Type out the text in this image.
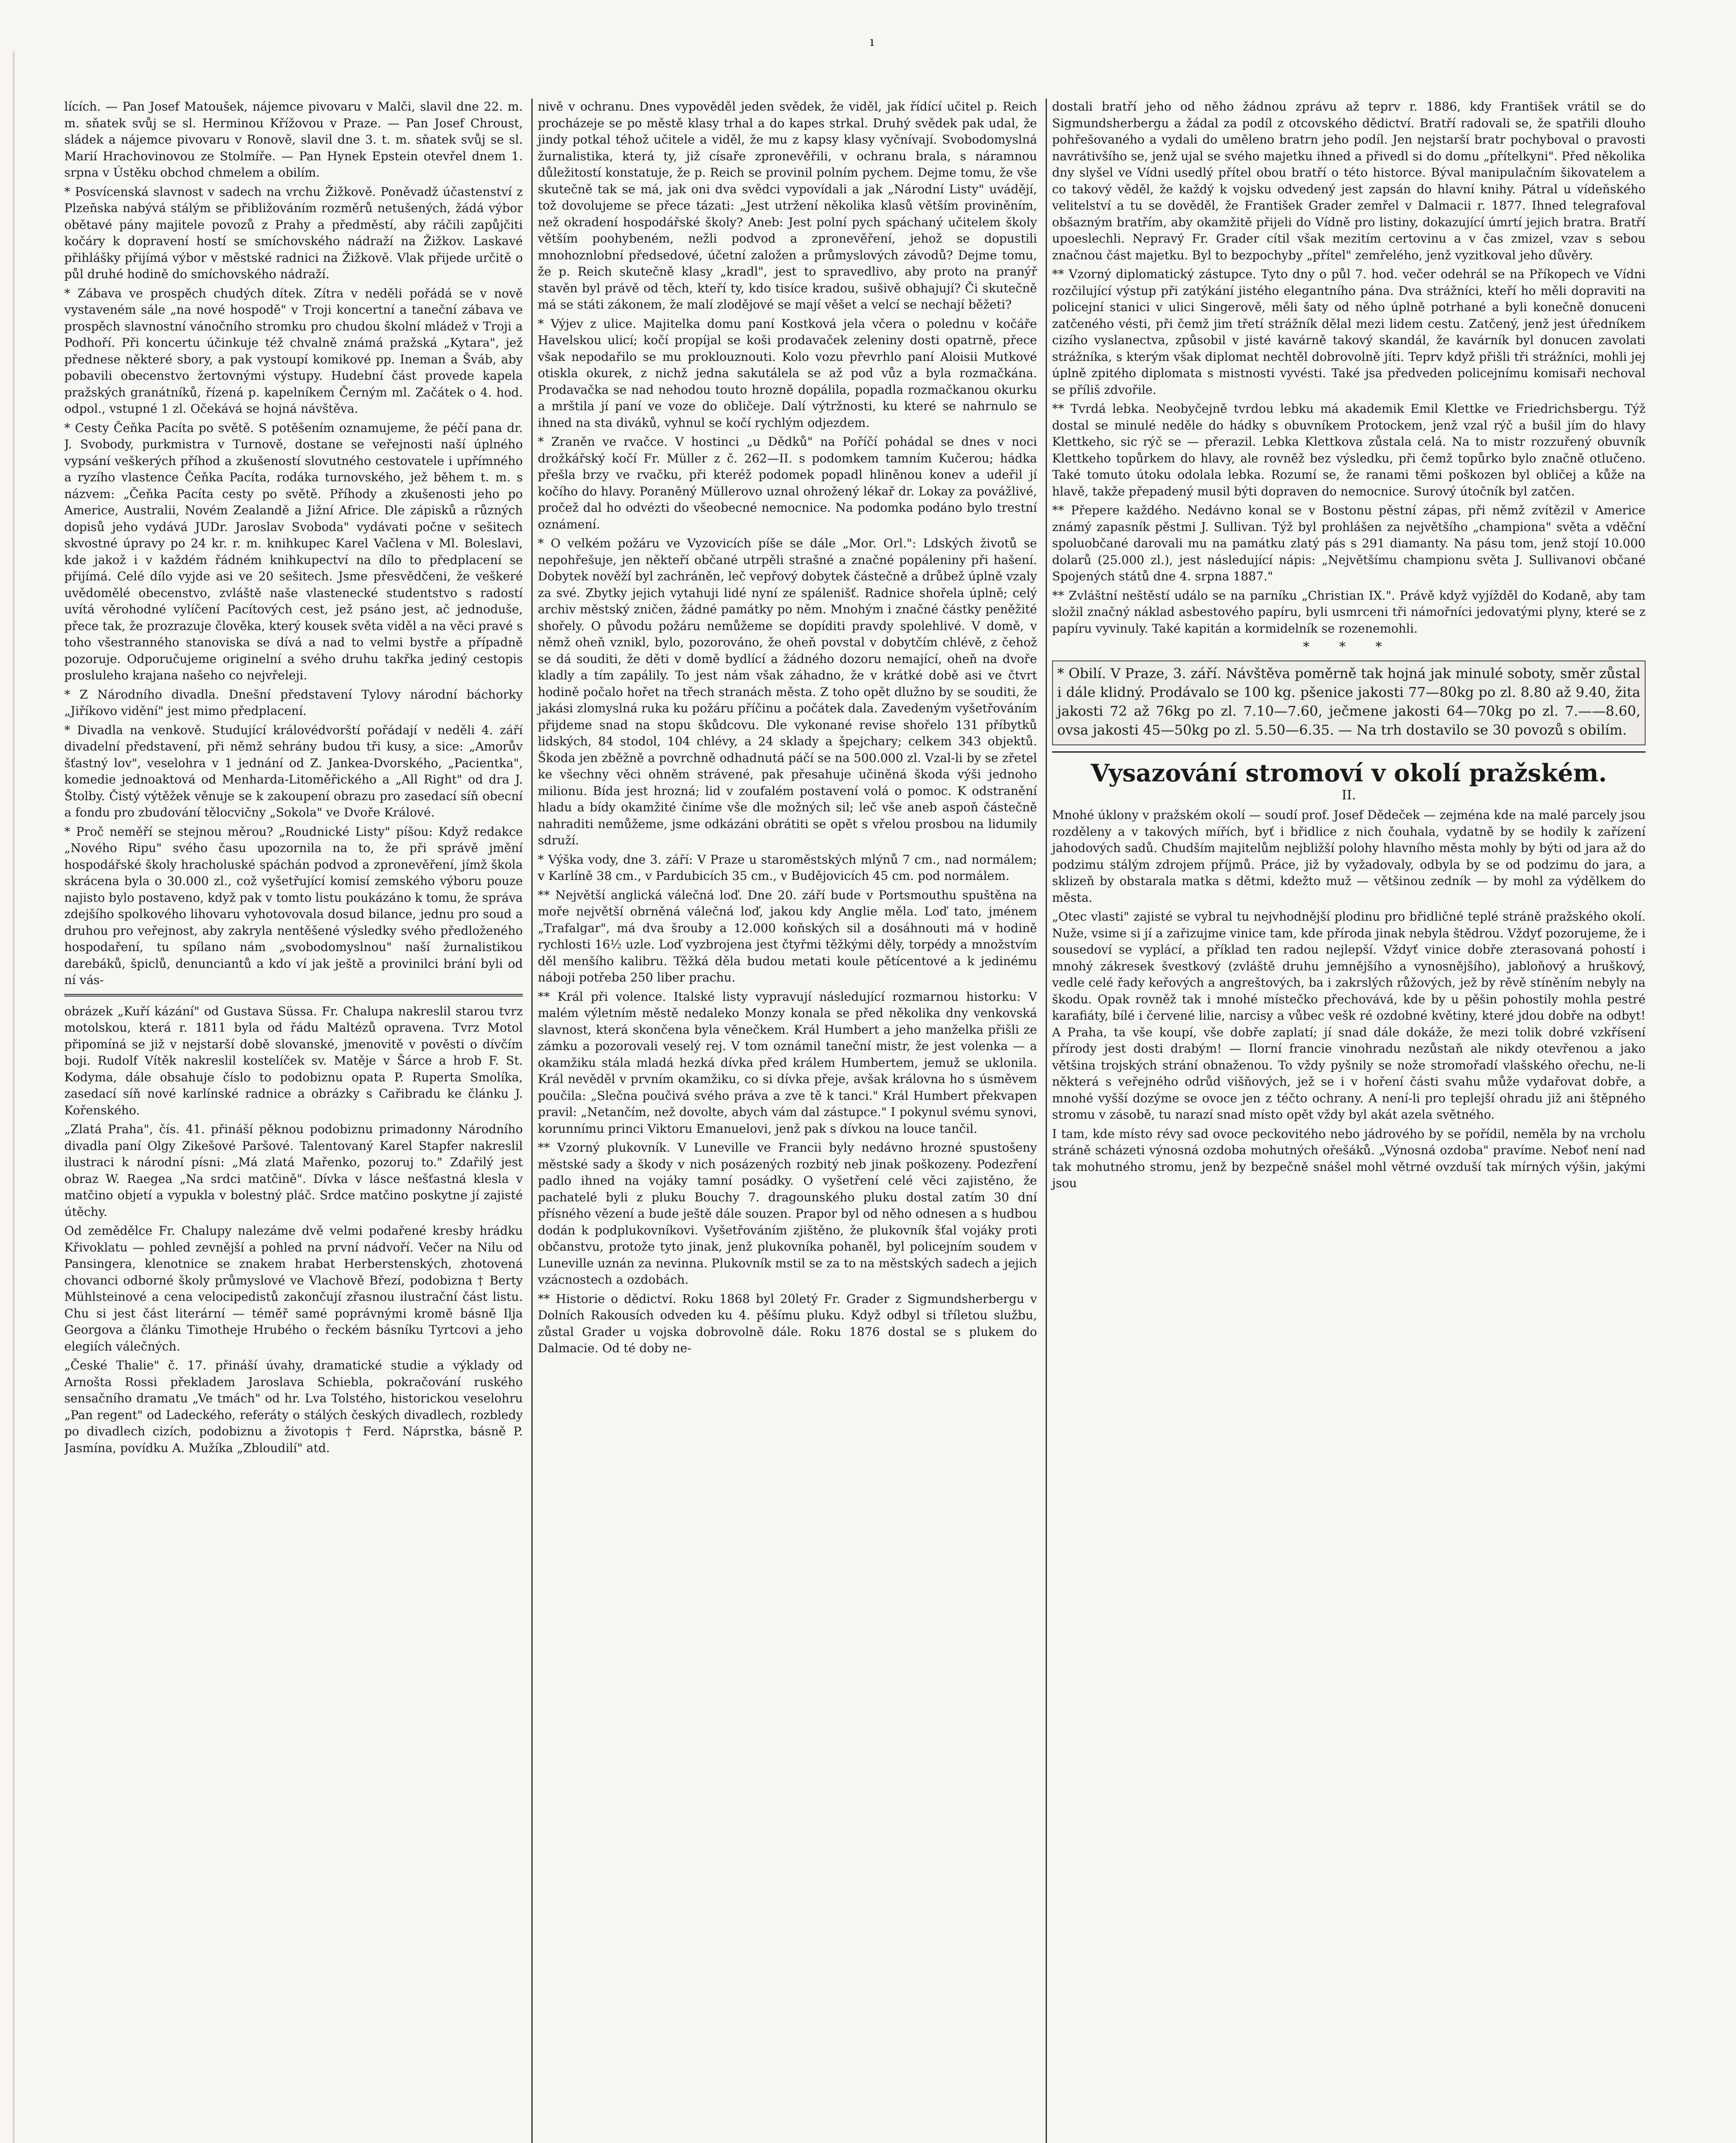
ı

lících. — Pan Josef Matoušek, nájemce pivovaru v Malči, slavil dne 22. m. m. sňatek svůj se sl. Herminou Křížovou v Praze. — Pan Josef Chroust, sládek a nájemce pivovaru v Ronově, slavil dne 3. t. m. sňatek svůj se sl. Marií Hrachovinovou ze Stolmíře. — Pan Hynek Epstein otevřel dnem 1. srpna v Ústěku obchod chmelem a obilím.

* Posvícenská slavnost v sadech na vrchu Žižkově. Poněvadž účastenství z Plzeňska nabývá stálým se přibližováním rozměrů netušených, žádá výbor obětavé pány majitele povozů z Prahy a předměstí, aby ráčili zapůjčiti kočáry k dopravení hostí se smíchovského nádraží na Žižkov. Laskavé přihlášky přijímá výbor v městské radnici na Žižkově. Vlak přijede určitě o půl druhé hodině do smíchovského nádraží.

* Zábava ve prospěch chudých dítek. Zítra v neděli pořádá se v nově vystaveném sále „na nové hospodě" v Troji koncertní a taneční zábava ve prospěch slavnostní vánočního stromku pro chudou školní mládež v Troji a Podhoří. Při koncertu účinkuje též chvalně známá pražská „Kytara", jež přednese některé sbory, a pak vystoupí komikové pp. Ineman a Šváb, aby pobavili obecenstvo žertovnými výstupy. Hudební část provede kapela pražských granátníků, řízená p. kapelníkem Černým ml. Začátek o 4. hod. odpol., vstupné 1 zl. Očekává se hojná návštěva.

* Cesty Čeňka Pacíta po světě. S potěšením oznamujeme, že péčí pana dr. J. Svobody, purkmistra v Turnově, dostane se veřejnosti naší úplného vypsání veškerých příhod a zkušeností slovutného cestovatele i upřímného a ryzího vlastence Čeňka Pacíta, rodáka turnovského, jež během t. m. s názvem: „Čeňka Pacíta cesty po světě. Příhody a zkušenosti jeho po Americe, Australii, Novém Zealandě a Jižní Africe. Dle zápisků a různých dopisů jeho vydává JUDr. Jaroslav Svoboda" vydávati počne v sešitech skvostné úpravy po 24 kr. r. m. knihkupec Karel Vačlena v Ml. Boleslavi, kde jakož i v každém řádném knihkupectví na dílo to předplacení se přijímá. Celé dílo vyjde asi ve 20 sešitech. Jsme přesvědčeni, že veškeré uvědomělé obecenstvo, zvláště naše vlastenecké studentstvo s radostí uvítá věrohodné vylíčení Pacítových cest, jež psáno jest, ač jednoduše, přece tak, že prozrazuje člověka, který kousek světa viděl a na věci pravé s toho všestranného stanoviska se dívá a nad to velmi bystře a případně pozoruje. Odporučujeme originelní a svého druhu takřka jediný cestopis prosluleho krajana našeho co nejvřeleji.

* Z Národního divadla. Dnešní představení Tylovy národní báchorky „Jiříkovo vidění" jest mimo předplacení.

* Divadla na venkově. Studující královédvorští pořádají v neděli 4. září divadelní představení, při němž sehrány budou tři kusy, a sice: „Amorův šťastný lov", veselohra v 1 jednání od Z. Jankea-Dvorského, „Pacientka", komedie jednoaktová od Menharda-Litoměřického a „All Right" od dra J. Štolby. Čistý výtěžek věnuje se k zakoupení obrazu pro zasedací síň obecní a fondu pro zbudování tělocvičny „Sokola" ve Dvoře Králové.

* Proč neměří se stejnou měrou? „Roudnické Listy" píšou: Když redakce „Nového Ripu" svého času upozornila na to, že při správě jmění hospodářské školy hracholuské spáchán podvod a zpronevěření, jímž škola skrácena byla o 30.000 zl., což vyšetřující komisí zemského výboru pouze najisto bylo postaveno, když pak v tomto listu poukázáno k tomu, že správa zdejšího spolkového lihovaru vyhotovovala dosud bilance, jednu pro soud a druhou pro veřejnost, aby zakryla nentěšené výsledky svého předloženého hospodaření, tu spílano nám „svobodomyslnou" naší žurnalistikou darebáků, špiclů, denunciantů a kdo ví jak ještě a provinilci brání byli od ní vás-

obrázek „Kuří kázání" od Gustava Süssa. Fr. Chalupa nakreslil starou tvrz motolskou, která r. 1811 byla od řádu Maltézů opravena. Tvrz Motol připomíná se již v nejstarší době slovanské, jmenovitě v pověsti o dívčím boji. Rudolf Vítěk nakreslil kostelíček sv. Matěje v Šárce a hrob F. St. Kodyma, dále obsahuje číslo to podobiznu opata P. Ruperta Smolíka, zasedací síň nové karlínské radnice a obrázky s Cařibradu ke článku J. Kořenského.

„Zlatá Praha", čís. 41. přináší pěknou podobiznu primadonny Národního divadla paní Olgy Zikešové Paršové. Talentovaný Karel Stapfer nakreslil ilustraci k národní písni: „Má zlatá Mařenko, pozoruj to." Zdařilý jest obraz W. Raegea „Na srdci matčině". Dívka v lásce nešťastná klesla v matčino objetí a vypukla v bolestný pláč. Srdce matčino poskytne jí zajisté útěchy.

Od zemědělce Fr. Chalupy nalezáme dvě velmi podařené kresby hrádku Křivoklatu — pohled zevnější a pohled na první nádvoří. Večer na Nilu od Pansingera, klenotnice se znakem hrabat Herberstenských, zhotovená chovanci odborné školy průmyslové ve Vlachově Březí, podobizna † Berty Mühlsteinové a cena velocipedistů zakončují zřasnou ilustrační část listu. Chu si jest část literární — téměř samé poprávnými kromě básně Ilja Georgova a článku Timotheje Hrubého o řeckém básníku Tyrtcovi a jeho elegiích válečných.

„České Thalie" č. 17. přináší úvahy, dramatické studie a výklady od Arnošta Rossi překladem Jaroslava Schiebla, pokračování ruského sensačního dramatu „Ve tmách" od hr. Lva Tolstého, historickou veselohru „Pan regent" od Ladeckého, referáty o stálých českých divadlech, rozbledy po divadlech cizích, podobiznu a životopis † Ferd. Náprstka, básně P. Jasmína, povídku A. Mužíka „Zbloudilí" atd.

nivě v ochranu. Dnes vypověděl jeden svědek, že viděl, jak řídící učitel p. Reich procházeje se po městě klasy trhal a do kapes strkal. Druhý svědek pak udal, že jindy potkal téhož učitele a viděl, že mu z kapsy klasy vyčnívají. Svobodomyslná žurnalistika, která ty, již císaře zpronevěřili, v ochranu brala, s náramnou důležitostí konstatuje, že p. Reich se provinil polním pychem. Dejme tomu, že vše skutečně tak se má, jak oni dva svědci vypovídali a jak „Národní Listy" uvádějí, tož dovolujeme se přece tázati: „Jest utržení několika klasů větším proviněním, než okradení hospodářské školy? Aneb: Jest polní pych spáchaný učitelem školy větším poohybeném, nežli podvod a zpronevěření, jehož se dopustili mnohoznlobní předsedové, účetní založen a průmyslových závodů? Dejme tomu, že p. Reich skutečně klasy „kradl", jest to spravedlivo, aby proto na pranýř stavěn byl právě od těch, kteří ty, kdo tisíce kradou, sušivě obhajují? Či skutečně má se státi zákonem, že malí zlodějové se mají věšet a velcí se nechají běžeti?

* Výjev z ulice. Majitelka domu paní Kostková jela včera o polednu v kočáře Havelskou ulicí; kočí propíjal se koši prodavaček zeleniny dosti opatrně, přece však nepodařilo se mu proklouznouti. Kolo vozu převrhlo paní Aloisii Mutkové otiskla okurek, z nichž jedna sakutálela se až pod vůz a byla rozmačkána. Prodavačka se nad nehodou touto hrozně dopálila, popadla rozmačkanou okurku a mrštila jí paní ve voze do obličeje. Dalí výtržnosti, ku které se nahrnulo se ihned na sta diváků, vyhnul se kočí rychlým odjezdem.

* Zraněn ve rvačce. V hostinci „u Dědků" na Poříčí pohádal se dnes v noci drožkářský kočí Fr. Müller z č. 262—II. s podomkem tamním Kučerou; hádka přešla brzy ve rvačku, při kteréž podomek popadl hliněnou konev a udeřil jí kočího do hlavy. Poraněný Müllerovo uznal ohrožený lékař dr. Lokay za povážlivé, pročež dal ho odvézti do všeobecné nemocnice. Na podomka podáno bylo trestní oznámení.

* O velkém požáru ve Vyzovicích píše se dále „Mor. Orl.": Ldských životů se nepohřešuje, jen někteří občané utrpěli strašné a značné popáleniny při hašení. Dobytek nověží byl zachráněn, leč vepřový dobytek částečně a drůbež úplně vzaly za své. Zbytky jejich vytahuji lidé nyní ze spálenišť. Radnice shořela úplně; celý archiv městský zničen, žádné památky po něm. Mnohým i značné částky peněžité shořely. O původu požáru nemůžeme se dopíditi pravdy spolehlivé. V domě, v němž oheň vznikl, bylo, pozorováno, že oheň povstal v dobytčím chlévě, z čehož se dá souditi, že děti v domě bydlící a žádného dozoru nemající, oheň na dvoře kladly a tím zapálily. To jest nám však záhadno, že v krátké době asi ve čtvrt hodině počalo hořet na třech stranách města. Z toho opět dlužno by se souditi, že jakási zlomyslná ruka ku požáru příčinu a počátek dala. Zavedeným vyšetřováním přijdeme snad na stopu škůdcovu. Dle vykonané revise shořelo 131 příbytků lidských, 84 stodol, 104 chlévy, a 24 sklady a špejchary; celkem 343 objektů. Škoda jen zběžně a povrchně odhadnutá páčí se na 500.000 zl. Vzal-li by se zřetel ke všechny věci ohněm strávené, pak přesahuje učiněná škoda výši jednoho milionu. Bída jest hrozná; lid v zoufalém postavení volá o pomoc. K odstranění hladu a bídy okamžité činíme vše dle možných sil; leč vše aneb aspoň částečně nahraditi nemůžeme, jsme odkázáni obrátiti se opět s vřelou prosbou na lidumily sdruží.

* Výška vody, dne 3. září: V Praze u staroměstských mlýnů 7 cm., nad normálem; v Karlíně 38 cm., v Pardubicích 35 cm., v Budějovicích 45 cm. pod normálem.

** Největší anglická válečná loď. Dne 20. září bude v Portsmouthu spuštěna na moře největší obrněná válečná loď, jakou kdy Anglie měla. Loď tato, jménem „Trafalgar", má dva šrouby a 12.000 koňských sil a dosáhnouti má v hodině rychlosti 16½ uzle. Loď vyzbrojena jest čtyřmi těžkými děly, torpédy a množstvím děl menšího kalibru. Těžká děla budou metati koule pětícentové a k jedinému náboji potřeba 250 liber prachu.

** Král při volence. Italské listy vypravují následující rozmarnou historku: V malém výletním městě nedaleko Monzy konala se před několika dny venkovská slavnost, která skončena byla věnečkem. Král Humbert a jeho manželka přišli ze zámku a pozorovali veselý rej. V tom oznámil taneční mistr, že jest volenka — a okamžiku stála mladá hezká dívka před králem Humbertem, jemuž se uklonila. Král nevěděl v prvním okamžiku, co si dívka přeje, avšak královna ho s úsměvem poučila: „Slečna poučivá svého práva a zve tě k tanci." Král Humbert překvapen pravil: „Netančím, než dovolte, abych vám dal zástupce." I pokynul svému synovi, korunnímu princi Viktoru Emanuelovi, jenž pak s dívkou na louce tančil.

** Vzorný plukovník. V Luneville ve Francii byly nedávno hrozné spustošeny městské sady a škody v nich posázených rozbitý neb jinak poškozeny. Podezření padlo ihned na vojáky tamní posádky. O vyšetření celé věci zajistěno, že pachatelé byli z pluku Bouchy 7. dragounského pluku dostal zatím 30 dní přísného vězení a bude ještě dále souzen. Prapor byl od něho odnesen a s hudbou dodán k podplukovníkovi. Vyšetřováním zjištěno, že plukovník šťal vojáky proti občanstvu, protože tyto jinak, jenž plukovníka pohaněl, byl policejním soudem v Luneville uznán za nevinna. Plukovník mstil se za to na městských sadech a jejich vzácnostech a ozdobách.

** Historie o dědictví. Roku 1868 byl 20letý Fr. Grader z Sigmundsherbergu v Dolních Rakousích odveden ku 4. pěšímu pluku. Když odbyl si tříletou službu, zůstal Grader u vojska dobrovolně dále. Roku 1876 dostal se s plukem do Dalmacie. Od té doby ne-

dostali bratří jeho od něho žádnou zprávu až teprv r. 1886, kdy František vrátil se do Sigmundsherbergu a žádal za podíl z otcovského dědictví. Bratří radovali se, že spatřili dlouho pohřešovaného a vydali do uměleno bratrn jeho podíl. Jen nejstarší bratr pochyboval o pravosti navrátivšího se, jenž ujal se svého majetku ihned a přivedl si do domu „přítelkyni". Před několika dny slyšel ve Vídni usedlý přítel obou bratří o této historce. Býval manipulačním šikovatelem a co takový věděl, že každý k vojsku odvedený jest zapsán do hlavní knihy. Pátral u vídeňského velitelství a tu se dověděl, že František Grader zemřel v Dalmacii r. 1877. Ihned telegrafoval obšazným bratřím, aby okamžitě přijeli do Vídně pro listiny, dokazující úmrtí jejich bratra. Bratří upoeslechli. Nepravý Fr. Grader cítil však mezitím certovinu a v čas zmizel, vzav s sebou značnou část majetku. Byl to bezpochyby „přítel" zemřelého, jenž vyzitkoval jeho důvěry.

** Vzorný diplomatický zástupce. Tyto dny o půl 7. hod. večer odehrál se na Příkopech ve Vídni rozčilující výstup při zatýkání jistého elegantního pána. Dva strážníci, kteří ho měli dopraviti na policejní stanici v ulici Singerově, měli šaty od něho úplně potrhané a byli konečně donuceni zatčeného vésti, při čemž jim třetí strážník dělal mezi lidem cestu. Zatčený, jenž jest úředníkem cizího vyslanectva, způsobil v jisté kavárně takový skandál, že kavárník byl donucen zavolati strážníka, s kterým však diplomat nechtěl dobrovolně jíti. Teprv když přišli tři strážníci, mohli jej úplně zpitého diplomata s mistnosti vyvésti. Také jsa předveden policejnímu komisaři nechoval se příliš zdvořile.

** Tvrdá lebka. Neobyčejně tvrdou lebku má akademik Emil Klettke ve Friedrichsbergu. Týž dostal se minulé neděle do hádky s obuvníkem Protockem, jenž vzal rýč a bušil jím do hlavy Klettkeho, sic rýč se — přerazil. Lebka Klettkova zůstala celá. Na to mistr rozzuřený obuvník Klettkeho topůrkem do hlavy, ale rovněž bez výsledku, při čemž topůrko bylo značně otlučeno. Také tomuto útoku odolala lebka. Rozumí se, že ranami těmi poškozen byl obličej a kůže na hlavě, takže přepadený musil býti dopraven do nemocnice. Surový útočník byl zatčen.

** Přepere každého. Nedávno konal se v Bostonu pěstní zápas, při němž zvítězil v Americe známý zapasník pěstmi J. Sullivan. Týž byl prohlášen za největšího „championa" světa a vděční spoluobčané darovali mu na památku zlatý pás s 291 diamanty. Na pásu tom, jenž stojí 10.000 dolarů (25.000 zl.), jest následující nápis: „Největšímu championu světa J. Sullivanovi občané Spojených států dne 4. srpna 1887."

** Zvláštní neštěstí událo se na parníku „Christian IX.". Právě když vyjížděl do Kodaně, aby tam složil značný náklad asbestového papíru, byli usmrceni tři námořníci jedovatými plyny, které se z papíru vyvinuly. Také kapitán a kormidelník se rozenemohli.

* * *

* Obilí. V Praze, 3. září. Návštěva poměrně tak hojná jak minulé soboty, směr zůstal i dále klidný. Prodávalo se 100 kg. pšenice jakosti 77—80kg po zl. 8.80 až 9.40, žita jakosti 72 až 76kg po zl. 7.10—7.60, ječmene jakosti 64—70kg po zl. 7.——8.60, ovsa jakosti 45—50kg po zl. 5.50—6.35. — Na trh dostavilo se 30 povozů s obilím.

Vysazování stromoví v okolí pražském.
II.

Mnohé úklony v pražském okolí — soudí prof. Josef Dědeček — zejména kde na malé parcely jsou rozděleny a v takových mířích, byť i břidlice z nich čouhala, vydatně by se hodily k zařízení jahodových sadů. Chudším majitelům nejbližší polohy hlavního města mohly by býti od jara až do podzimu stálým zdrojem příjmů. Práce, již by vyžadovaly, odbyla by se od podzimu do jara, a sklizeň by obstarala matka s dětmi, kdežto muž — většinou zedník — by mohl za výdělkem do města.

„Otec vlasti" zajisté se vybral tu nejvhodnější plodinu pro břidličné teplé stráně pražského okolí. Nuže, vsime si jí a zařizujme vinice tam, kde příroda jinak nebyla štědrou. Vždyť pozorujeme, že i sousedoví se vyplácí, a příklad ten radou nejlepší. Vždyť vinice dobře zterasovaná pohostí i mnohý zákresek švestkový (zvláště druhu jemnějšího a vynosnějšího), jabloňový a hruškový, vedle celé řady keřových a angreštových, ba i zakrslých růžových, jež by rěvě stíněním nebyly na škodu. Opak rovněž tak i mnohé místečko přechovává, kde by u pěšin pohostily mohla pestré karafiáty, bílé i červené lilie, narcisy a vůbec vešk ré ozdobné květiny, které jdou dobře na odbyt! A Praha, ta vše koupí, vše dobře zaplatí; jí snad dále dokáže, že mezi tolik dobré vzkřísení přírody jest dosti drabým! — Ilorní francie vinohradu nezůstaň ale nikdy otevřenou a jako většina trojských strání obnaženou. To vždy pyšnily se nože stromořadí vlašského ořechu, ne-li některá s veřejného odrůd višňových, jež se i v hoření části svahu může vydařovat dobře, a mnohé vyšší dozýme se ovoce jen z téčto ochrany. A není-li pro teplejší ohradu již ani štěpného stromu v zásobě, tu narazí snad místo opět vždy byl akát azela světného.

I tam, kde místo révy sad ovoce peckovitého nebo jádrového by se pořídil, neměla by na vrcholu stráně scházeti výnosná ozdoba mohutných ořešáků. „Výnosná ozdoba" pravíme. Neboť není nad tak mohutného stromu, jenž by bezpečně snášel mohl větrné ovzduší tak mírných výšin, jakými jsou
